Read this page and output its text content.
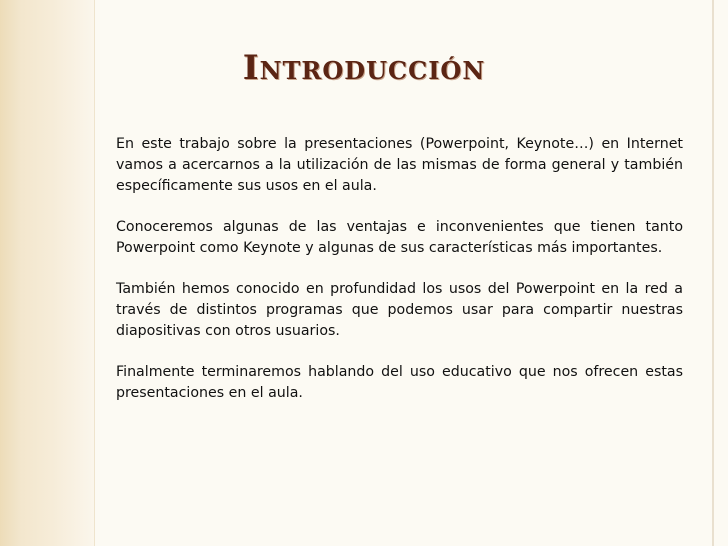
Introducción

En este trabajo sobre la presentaciones (Powerpoint, Keynote…) en Internet vamos a acercarnos a la utilización de las mismas de forma general y también específicamente sus usos en el aula.

Conoceremos algunas de las ventajas e inconvenientes que tienen tanto Powerpoint como Keynote y algunas de sus características más importantes.

También hemos conocido en profundidad los usos del Powerpoint en la red a través de distintos programas que podemos usar para compartir nuestras diapositivas con otros usuarios.

Finalmente terminaremos hablando del uso educativo que nos ofrecen estas presentaciones en el aula.
